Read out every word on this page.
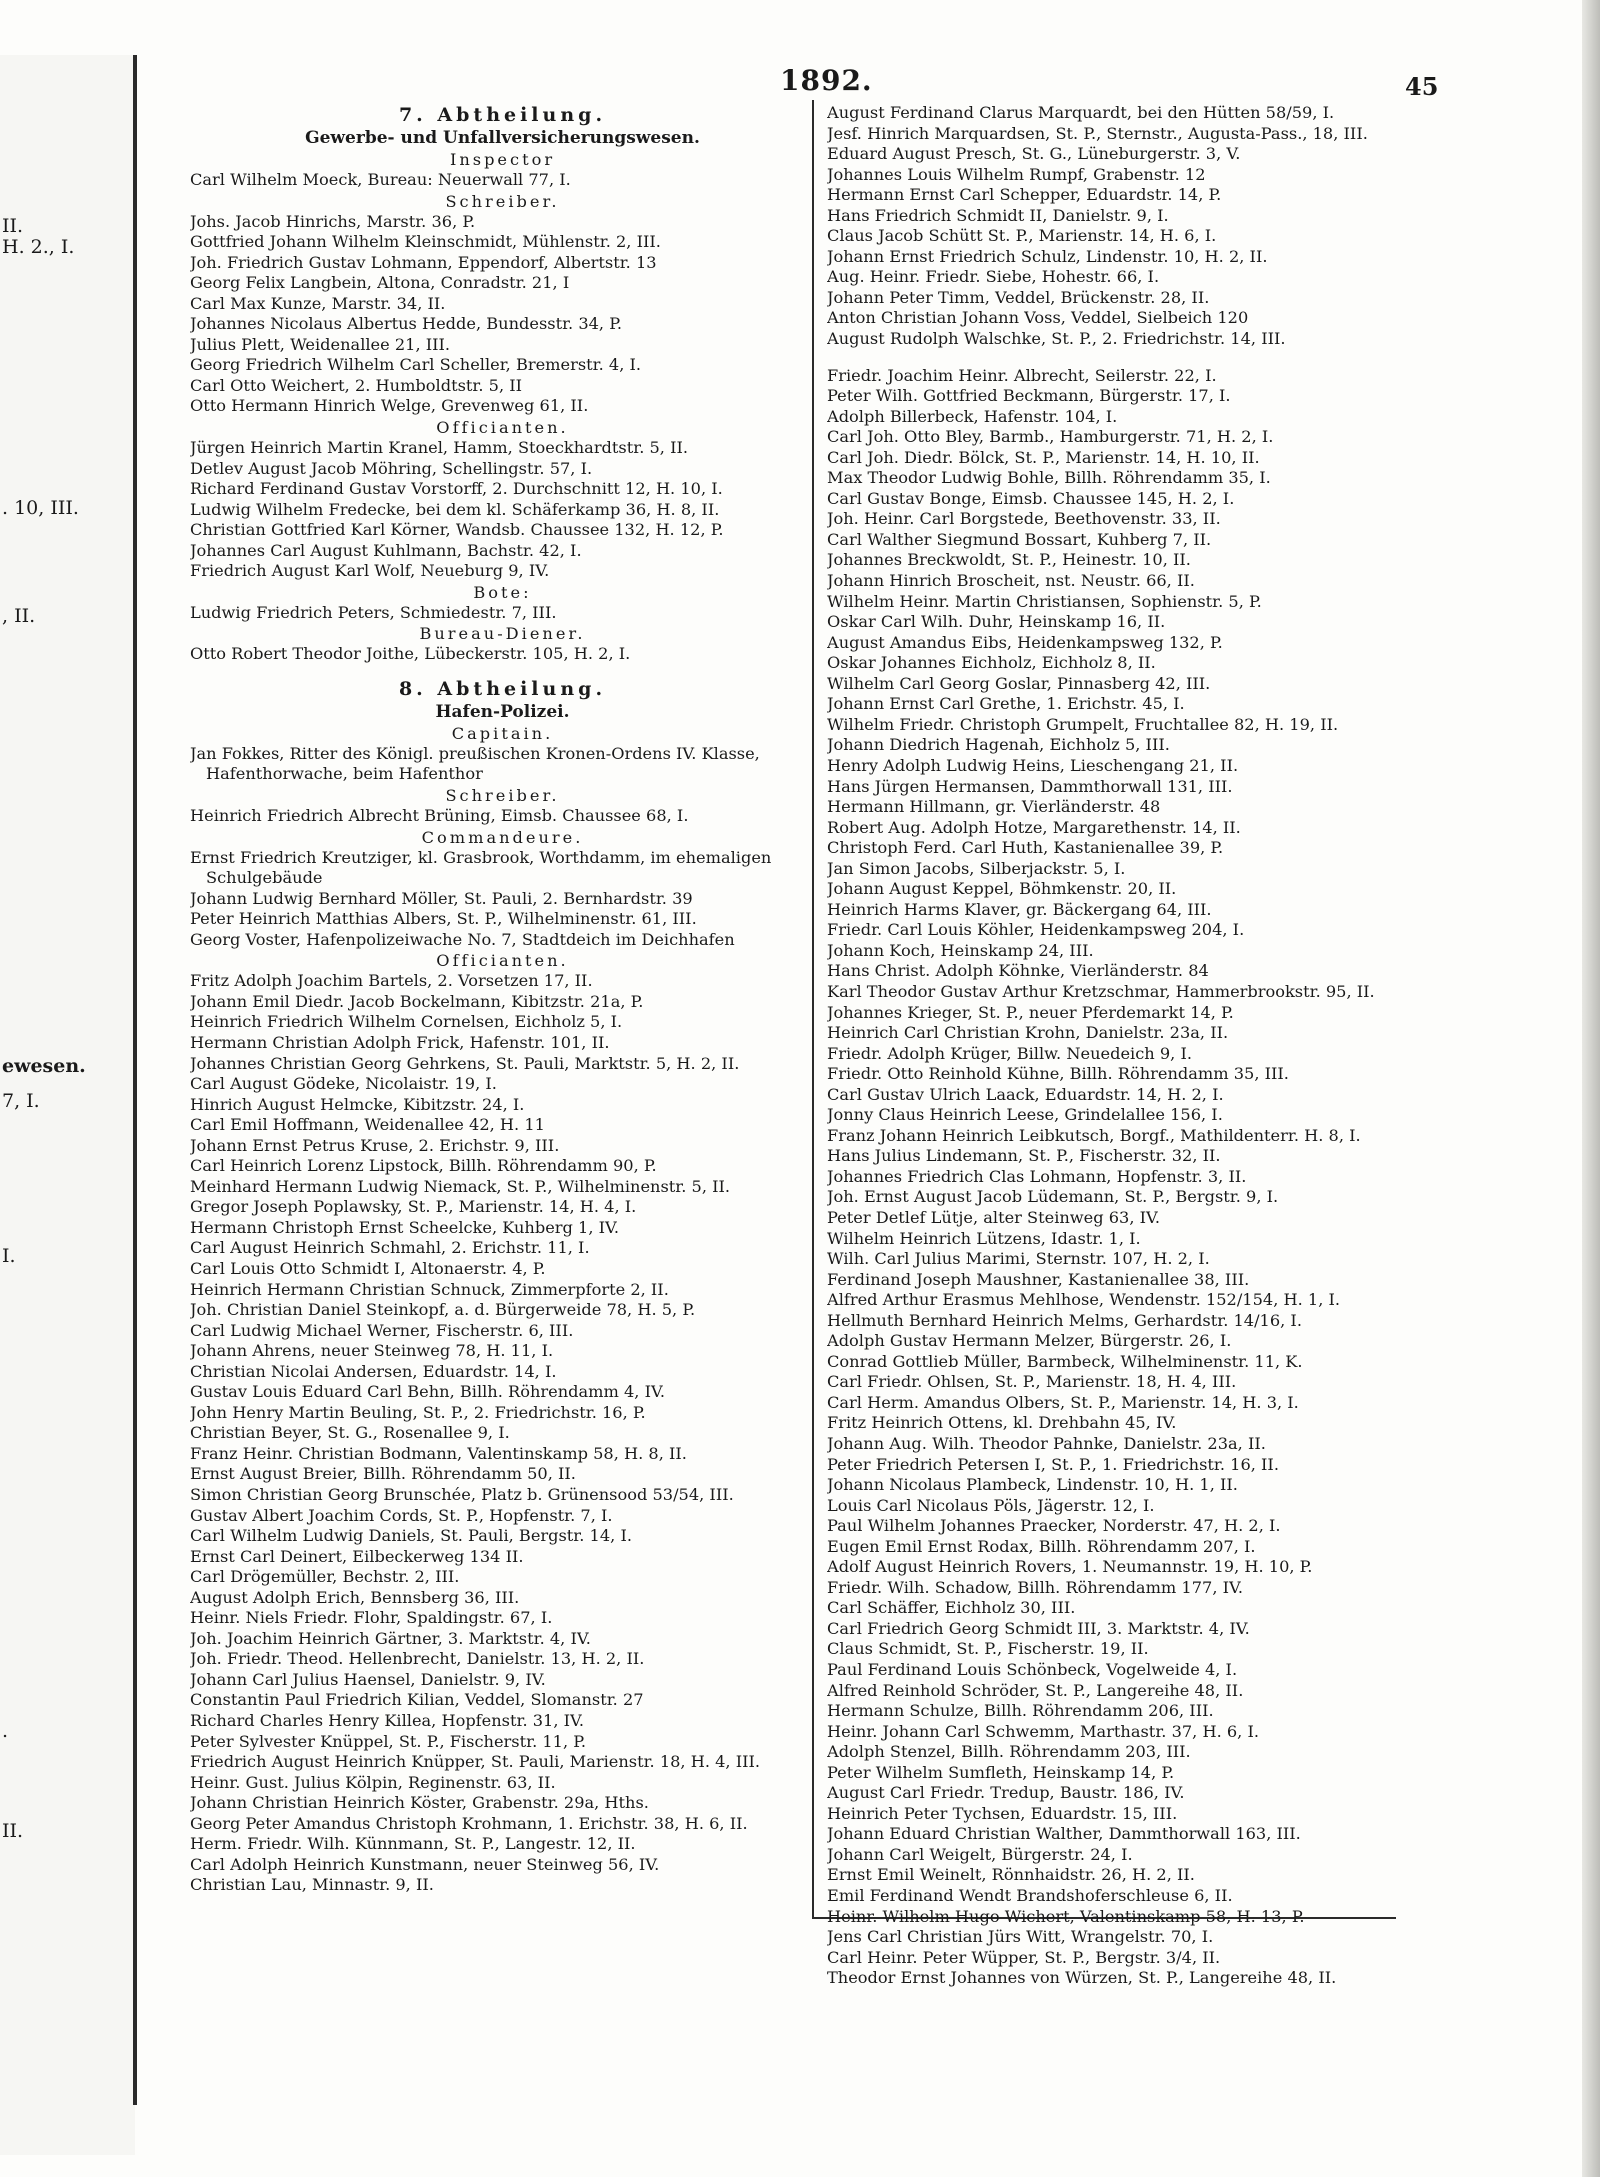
II.
H. 2., I.
. 10, III.
, II.
ewesen.
7, I.
I.
.
II.
1892.	45
7. Abtheilung.
Gewerbe- und Unfallversicherungswesen.
Inspector
Carl Wilhelm Moeck, Bureau: Neuerwall 77, I.
Schreiber.
Johs. Jacob Hinrichs, Marstr. 36, P.
Gottfried Johann Wilhelm Kleinschmidt, Mühlenstr. 2, III.
Joh. Friedrich Gustav Lohmann, Eppendorf, Albertstr. 13
Georg Felix Langbein, Altona, Conradstr. 21, I
Carl Max Kunze, Marstr. 34, II.
Johannes Nicolaus Albertus Hedde, Bundesstr. 34, P.
Julius Plett, Weidenallee 21, III.
Georg Friedrich Wilhelm Carl Scheller, Bremerstr. 4, I.
Carl Otto Weichert, 2. Humboldtstr. 5, II
Otto Hermann Hinrich Welge, Grevenweg 61, II.
Officianten.
Jürgen Heinrich Martin Kranel, Hamm, Stoeckhardtstr. 5, II.
Detlev August Jacob Möhring, Schellingstr. 57, I.
Richard Ferdinand Gustav Vorstorff, 2. Durchschnitt 12, H. 10, I.
Ludwig Wilhelm Fredecke, bei dem kl. Schäferkamp 36, H. 8, II.
Christian Gottfried Karl Körner, Wandsb. Chaussee 132, H. 12, P.
Johannes Carl August Kuhlmann, Bachstr. 42, I.
Friedrich August Karl Wolf, Neueburg 9, IV.
Bote:
Ludwig Friedrich Peters, Schmiedestr. 7, III.
Bureau-Diener.
Otto Robert Theodor Joithe, Lübeckerstr. 105, H. 2, I.
8. Abtheilung.
Hafen-Polizei.
Capitain.
Jan Fokkes, Ritter des Königl. preußischen Kronen-Ordens IV. Klasse,
Hafenthorwache, beim Hafenthor
Schreiber.
Heinrich Friedrich Albrecht Brüning, Eimsb. Chaussee 68, I.
Commandeure.
Ernst Friedrich Kreutziger, kl. Grasbrook, Worthdamm, im ehemaligen
Schulgebäude
Johann Ludwig Bernhard Möller, St. Pauli, 2. Bernhardstr. 39
Peter Heinrich Matthias Albers, St. P., Wilhelminenstr. 61, III.
Georg Voster, Hafenpolizeiwache No. 7, Stadtdeich im Deichhafen
Officianten.
Fritz Adolph Joachim Bartels, 2. Vorsetzen 17, II.
Johann Emil Diedr. Jacob Bockelmann, Kibitzstr. 21a, P.
Heinrich Friedrich Wilhelm Cornelsen, Eichholz 5, I.
Hermann Christian Adolph Frick, Hafenstr. 101, II.
Johannes Christian Georg Gehrkens, St. Pauli, Marktstr. 5, H. 2, II.
Carl August Gödeke, Nicolaistr. 19, I.
Hinrich August Helmcke, Kibitzstr. 24, I.
Carl Emil Hoffmann, Weidenallee 42, H. 11
Johann Ernst Petrus Kruse, 2. Erichstr. 9, III.
Carl Heinrich Lorenz Lipstock, Billh. Röhrendamm 90, P.
Meinhard Hermann Ludwig Niemack, St. P., Wilhelminenstr. 5, II.
Gregor Joseph Poplawsky, St. P., Marienstr. 14, H. 4, I.
Hermann Christoph Ernst Scheelcke, Kuhberg 1, IV.
Carl August Heinrich Schmahl, 2. Erichstr. 11, I.
Carl Louis Otto Schmidt I, Altonaerstr. 4, P.
Heinrich Hermann Christian Schnuck, Zimmerpforte 2, II.
Joh. Christian Daniel Steinkopf, a. d. Bürgerweide 78, H. 5, P.
Carl Ludwig Michael Werner, Fischerstr. 6, III.
Johann Ahrens, neuer Steinweg 78, H. 11, I.
Christian Nicolai Andersen, Eduardstr. 14, I.
Gustav Louis Eduard Carl Behn, Billh. Röhrendamm 4, IV.
John Henry Martin Beuling, St. P., 2. Friedrichstr. 16, P.
Christian Beyer, St. G., Rosenallee 9, I.
Franz Heinr. Christian Bodmann, Valentinskamp 58, H. 8, II.
Ernst August Breier, Billh. Röhrendamm 50, II.
Simon Christian Georg Brunschée, Platz b. Grünensood 53/54, III.
Gustav Albert Joachim Cords, St. P., Hopfenstr. 7, I.
Carl Wilhelm Ludwig Daniels, St. Pauli, Bergstr. 14, I.
Ernst Carl Deinert, Eilbeckerweg 134 II.
Carl Drögemüller, Bechstr. 2, III.
August Adolph Erich, Bennsberg 36, III.
Heinr. Niels Friedr. Flohr, Spaldingstr. 67, I.
Joh. Joachim Heinrich Gärtner, 3. Marktstr. 4, IV.
Joh. Friedr. Theod. Hellenbrecht, Danielstr. 13, H. 2, II.
Johann Carl Julius Haensel, Danielstr. 9, IV.
Constantin Paul Friedrich Kilian, Veddel, Slomanstr. 27
Richard Charles Henry Killea, Hopfenstr. 31, IV.
Peter Sylvester Knüppel, St. P., Fischerstr. 11, P.
Friedrich August Heinrich Knüpper, St. Pauli, Marienstr. 18, H. 4, III.
Heinr. Gust. Julius Kölpin, Reginenstr. 63, II.
Johann Christian Heinrich Köster, Grabenstr. 29a, Hths.
Georg Peter Amandus Christoph Krohmann, 1. Erichstr. 38, H. 6, II.
Herm. Friedr. Wilh. Künnmann, St. P., Langestr. 12, II.
Carl Adolph Heinrich Kunstmann, neuer Steinweg 56, IV.
Christian Lau, Minnastr. 9, II.
August Ferdinand Clarus Marquardt, bei den Hütten 58/59, I.
Jesf. Hinrich Marquardsen, St. P., Sternstr., Augusta-Pass., 18, III.
Eduard August Presch, St. G., Lüneburgerstr. 3, V.
Johannes Louis Wilhelm Rumpf, Grabenstr. 12
Hermann Ernst Carl Schepper, Eduardstr. 14, P.
Hans Friedrich Schmidt II, Danielstr. 9, I.
Claus Jacob Schütt St. P., Marienstr. 14, H. 6, I.
Johann Ernst Friedrich Schulz, Lindenstr. 10, H. 2, II.
Aug. Heinr. Friedr. Siebe, Hohestr. 66, I.
Johann Peter Timm, Veddel, Brückenstr. 28, II.
Anton Christian Johann Voss, Veddel, Sielbeich 120
August Rudolph Walschke, St. P., 2. Friedrichstr. 14, III.
Friedr. Joachim Heinr. Albrecht, Seilerstr. 22, I.
Peter Wilh. Gottfried Beckmann, Bürgerstr. 17, I.
Adolph Billerbeck, Hafenstr. 104, I.
Carl Joh. Otto Bley, Barmb., Hamburgerstr. 71, H. 2, I.
Carl Joh. Diedr. Bölck, St. P., Marienstr. 14, H. 10, II.
Max Theodor Ludwig Bohle, Billh. Röhrendamm 35, I.
Carl Gustav Bonge, Eimsb. Chaussee 145, H. 2, I.
Joh. Heinr. Carl Borgstede, Beethovenstr. 33, II.
Carl Walther Siegmund Bossart, Kuhberg 7, II.
Johannes Breckwoldt, St. P., Heinestr. 10, II.
Johann Hinrich Broscheit, nst. Neustr. 66, II.
Wilhelm Heinr. Martin Christiansen, Sophienstr. 5, P.
Oskar Carl Wilh. Duhr, Heinskamp 16, II.
August Amandus Eibs, Heidenkampsweg 132, P.
Oskar Johannes Eichholz, Eichholz 8, II.
Wilhelm Carl Georg Goslar, Pinnasberg 42, III.
Johann Ernst Carl Grethe, 1. Erichstr. 45, I.
Wilhelm Friedr. Christoph Grumpelt, Fruchtallee 82, H. 19, II.
Johann Diedrich Hagenah, Eichholz 5, III.
Henry Adolph Ludwig Heins, Lieschengang 21, II.
Hans Jürgen Hermansen, Dammthorwall 131, III.
Hermann Hillmann, gr. Vierländerstr. 48
Robert Aug. Adolph Hotze, Margarethenstr. 14, II.
Christoph Ferd. Carl Huth, Kastanienallee 39, P.
Jan Simon Jacobs, Silberjackstr. 5, I.
Johann August Keppel, Böhmkenstr. 20, II.
Heinrich Harms Klaver, gr. Bäckergang 64, III.
Friedr. Carl Louis Köhler, Heidenkampsweg 204, I.
Johann Koch, Heinskamp 24, III.
Hans Christ. Adolph Köhnke, Vierländerstr. 84
Karl Theodor Gustav Arthur Kretzschmar, Hammerbrookstr. 95, II.
Johannes Krieger, St. P., neuer Pferdemarkt 14, P.
Heinrich Carl Christian Krohn, Danielstr. 23a, II.
Friedr. Adolph Krüger, Billw. Neuedeich 9, I.
Friedr. Otto Reinhold Kühne, Billh. Röhrendamm 35, III.
Carl Gustav Ulrich Laack, Eduardstr. 14, H. 2, I.
Jonny Claus Heinrich Leese, Grindelallee 156, I.
Franz Johann Heinrich Leibkutsch, Borgf., Mathildenterr. H. 8, I.
Hans Julius Lindemann, St. P., Fischerstr. 32, II.
Johannes Friedrich Clas Lohmann, Hopfenstr. 3, II.
Joh. Ernst August Jacob Lüdemann, St. P., Bergstr. 9, I.
Peter Detlef Lütje, alter Steinweg 63, IV.
Wilhelm Heinrich Lützens, Idastr. 1, I.
Wilh. Carl Julius Marimi, Sternstr. 107, H. 2, I.
Ferdinand Joseph Maushner, Kastanienallee 38, III.
Alfred Arthur Erasmus Mehlhose, Wendenstr. 152/154, H. 1, I.
Hellmuth Bernhard Heinrich Melms, Gerhardstr. 14/16, I.
Adolph Gustav Hermann Melzer, Bürgerstr. 26, I.
Conrad Gottlieb Müller, Barmbeck, Wilhelminenstr. 11, K.
Carl Friedr. Ohlsen, St. P., Marienstr. 18, H. 4, III.
Carl Herm. Amandus Olbers, St. P., Marienstr. 14, H. 3, I.
Fritz Heinrich Ottens, kl. Drehbahn 45, IV.
Johann Aug. Wilh. Theodor Pahnke, Danielstr. 23a, II.
Peter Friedrich Petersen I, St. P., 1. Friedrichstr. 16, II.
Johann Nicolaus Plambeck, Lindenstr. 10, H. 1, II.
Louis Carl Nicolaus Pöls, Jägerstr. 12, I.
Paul Wilhelm Johannes Praecker, Norderstr. 47, H. 2, I.
Eugen Emil Ernst Rodax, Billh. Röhrendamm 207, I.
Adolf August Heinrich Rovers, 1. Neumannstr. 19, H. 10, P.
Friedr. Wilh. Schadow, Billh. Röhrendamm 177, IV.
Carl Schäffer, Eichholz 30, III.
Carl Friedrich Georg Schmidt III, 3. Marktstr. 4, IV.
Claus Schmidt, St. P., Fischerstr. 19, II.
Paul Ferdinand Louis Schönbeck, Vogelweide 4, I.
Alfred Reinhold Schröder, St. P., Langereihe 48, II.
Hermann Schulze, Billh. Röhrendamm 206, III.
Heinr. Johann Carl Schwemm, Marthastr. 37, H. 6, I.
Adolph Stenzel, Billh. Röhrendamm 203, III.
Peter Wilhelm Sumfleth, Heinskamp 14, P.
August Carl Friedr. Tredup, Baustr. 186, IV.
Heinrich Peter Tychsen, Eduardstr. 15, III.
Johann Eduard Christian Walther, Dammthorwall 163, III.
Johann Carl Weigelt, Bürgerstr. 24, I.
Ernst Emil Weinelt, Rönnhaidstr. 26, H. 2, II.
Emil Ferdinand Wendt Brandshoferschleuse 6, II.
Heinr. Wilhelm Hugo Wichert, Valentinskamp 58, H. 13, P.
Jens Carl Christian Jürs Witt, Wrangelstr. 70, I.
Carl Heinr. Peter Wüpper, St. P., Bergstr. 3/4, II.
Theodor Ernst Johannes von Würzen, St. P., Langereihe 48, II.
